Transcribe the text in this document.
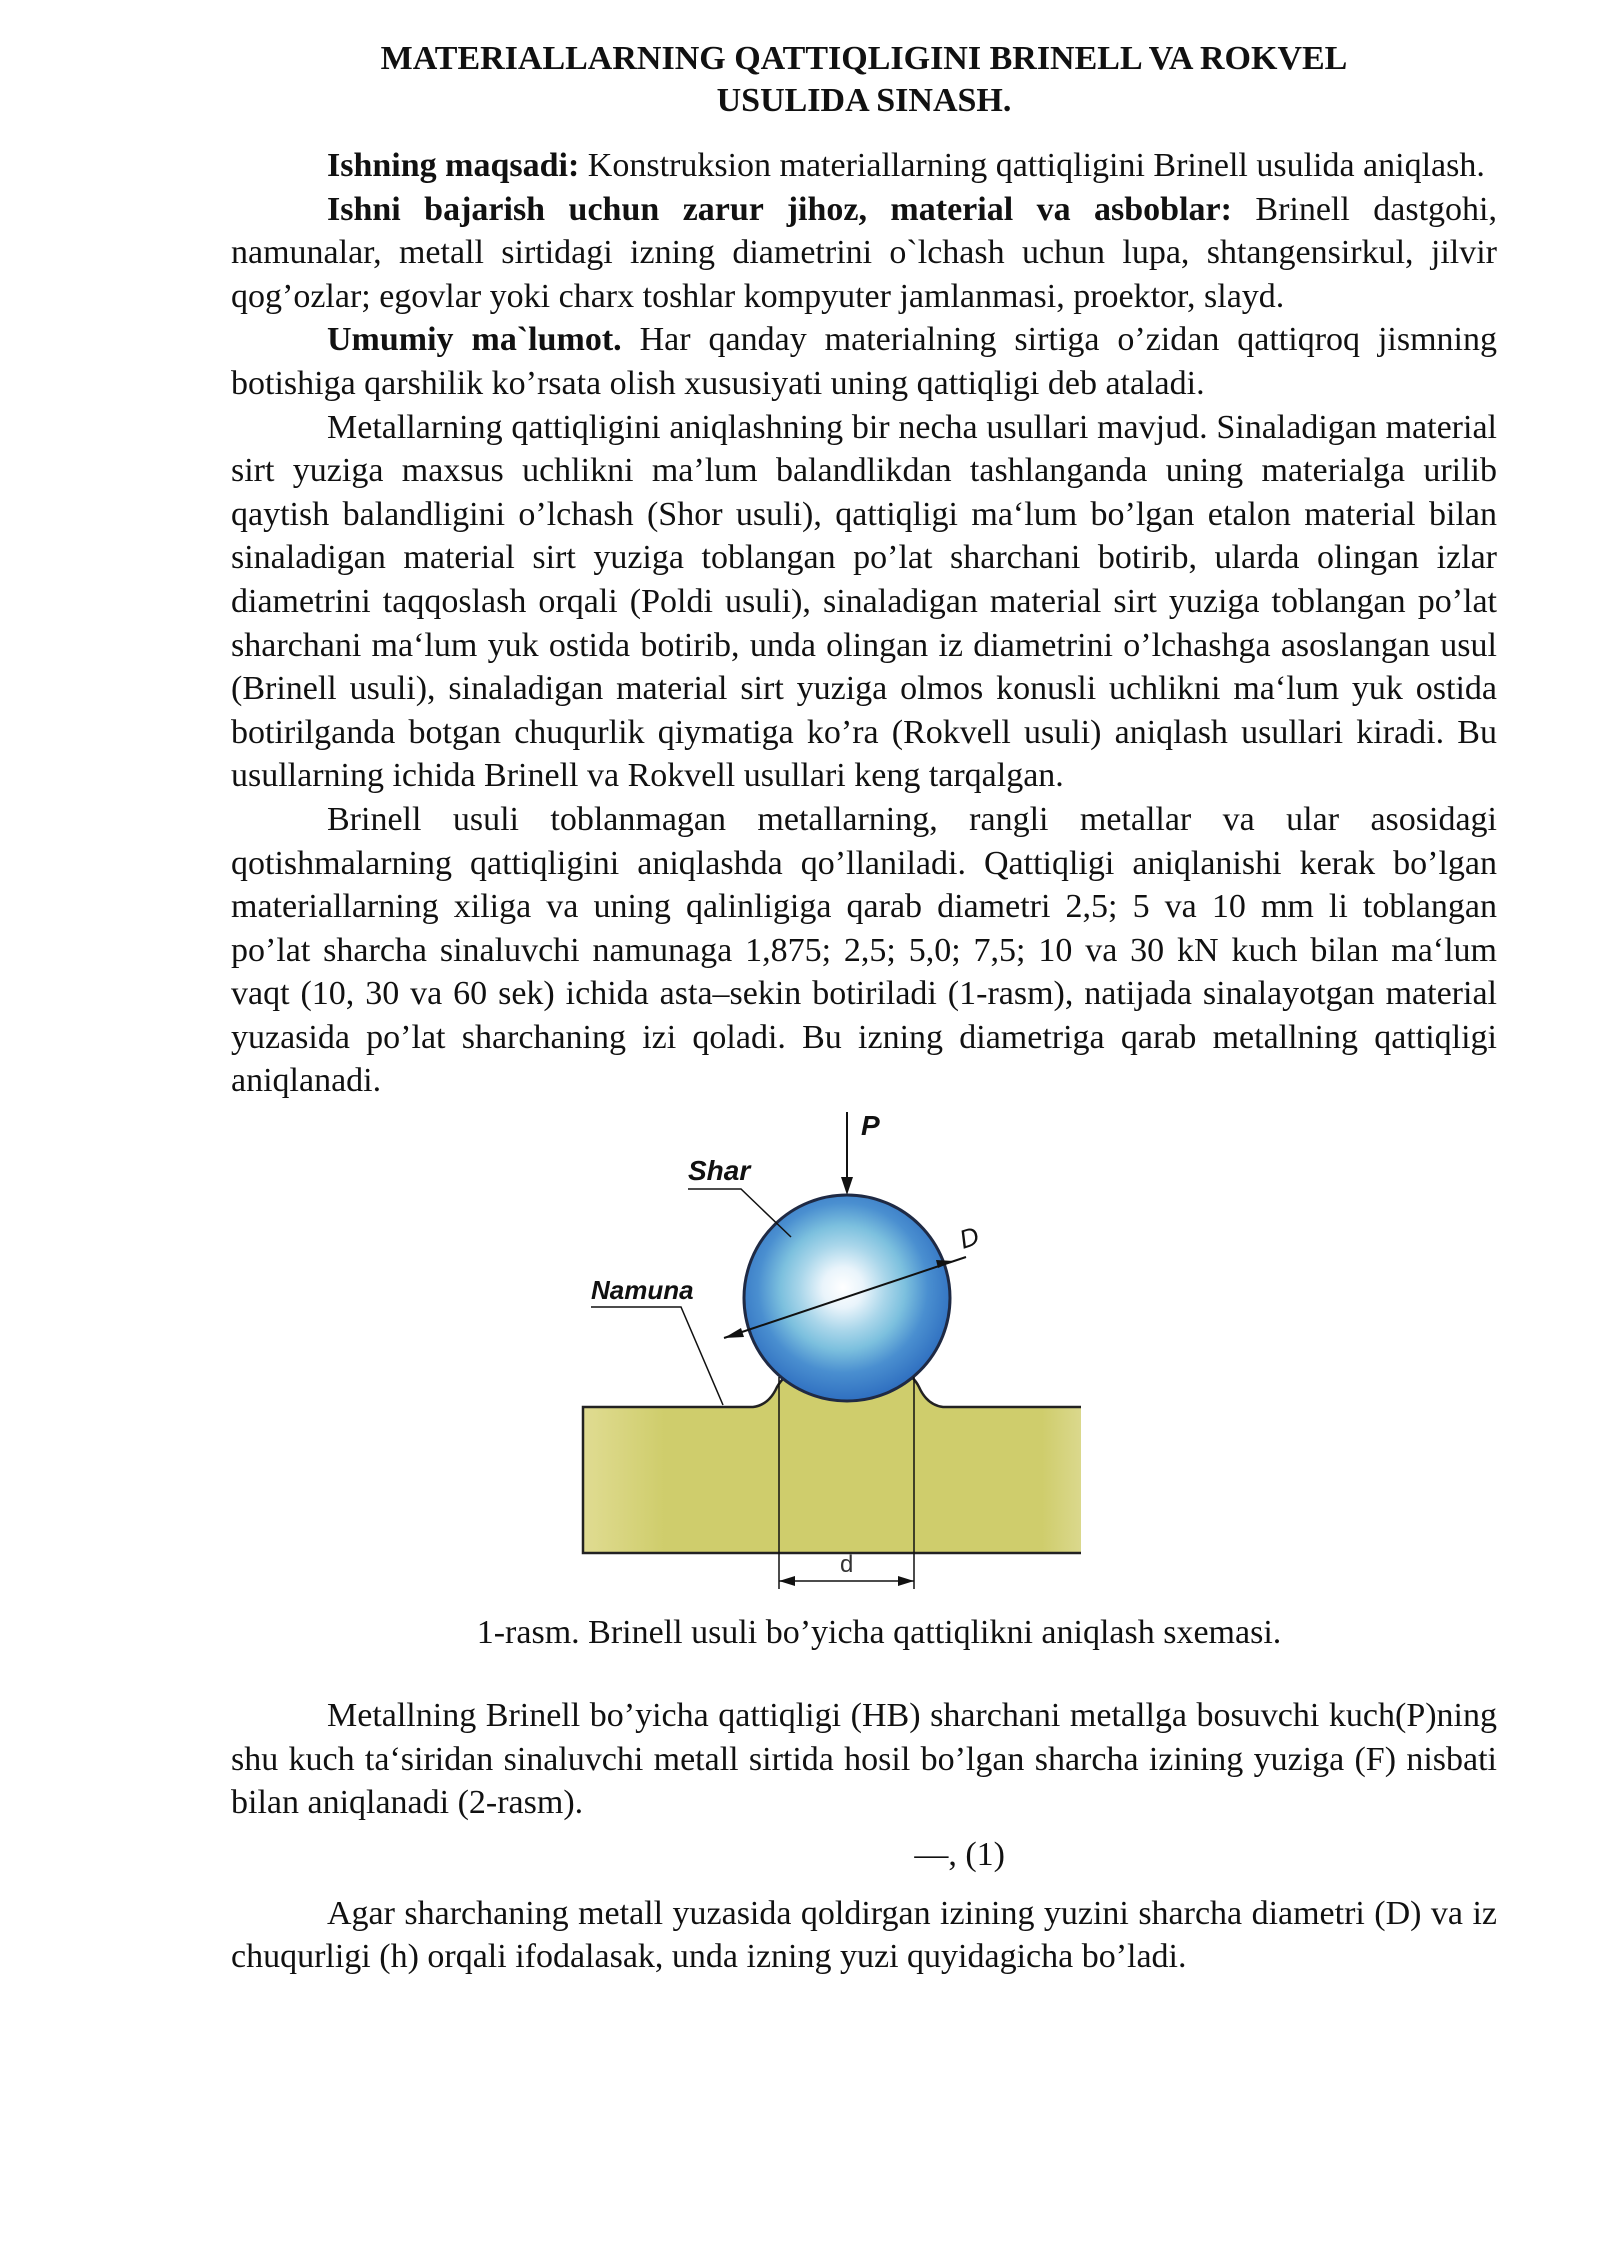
MATERIALLARNING QATTIQLIGINI BRINELL VA ROKVEL
USULIDA SINASH.

Ishning maqsadi: Konstruksion materiallarning qattiqligini Brinell usulida aniqlash.

Ishni bajarish uchun zarur jihoz, material va asboblar: Brinell dastgohi, namunalar, metall sirtidagi izning diametrini o`lchash uchun lupa, shtangensirkul, jilvir qog’ozlar; egovlar yoki charx toshlar kompyuter jamlanmasi, proektor, slayd.

Umumiy ma`lumot. Har qanday materialning sirtiga o’zidan qattiqroq jismning botishiga qarshilik ko’rsata olish xususiyati uning qattiqligi deb ataladi.

Metallarning qattiqligini aniqlashning bir necha usullari mavjud. Sinaladigan material sirt yuziga maxsus uchlikni ma’lum balandlikdan tashlanganda uning materialga urilib qaytish balandligini o’lchash (Shor usuli), qattiqligi ma‘lum bo’lgan etalon material bilan sinaladigan material sirt yuziga toblangan po’lat sharchani botirib, ularda olingan izlar diametrini taqqoslash orqali (Poldi usuli), sinaladigan material sirt yuziga toblangan po’lat sharchani ma‘lum yuk ostida botirib, unda olingan iz diametrini o’lchashga asoslangan usul (Brinell usuli), sinaladigan material sirt yuziga olmos konusli uchlikni ma‘lum yuk ostida botirilganda botgan chuqurlik qiymatiga ko’ra (Rokvell usuli) aniqlash usullari kiradi. Bu usullarning ichida Brinell va Rokvell usullari keng tarqalgan.

Brinell usuli toblanmagan metallarning, rangli metallar va ular asosidagi qotishmalarning qattiqligini aniqlashda qo’llaniladi. Qattiqligi aniqlanishi kerak bo’lgan materiallarning xiliga va uning qalinligiga qarab diametri 2,5; 5 va 10 mm li toblangan po’lat sharcha sinaluvchi namunaga 1,875; 2,5; 5,0; 7,5; 10 va 30 kN kuch bilan ma‘lum vaqt (10, 30 va 60 sek) ichida asta–sekin botiriladi (1-rasm), natijada sinalayotgan material yuzasida po’lat sharchaning izi qoladi. Bu izning diametriga qarab metallning qattiqligi aniqlanadi.

D
P
Shar
Namuna
d
1-rasm. Brinell usuli bo’yicha qattiqlikni aniqlash sxemasi.

Metallning Brinell bo’yicha qattiqligi (HB) sharchani metallga bosuvchi kuch(P)ning shu kuch ta‘siridan sinaluvchi metall sirtida hosil bo’lgan sharcha izining yuziga (F) nisbati bilan aniqlanadi (2-rasm).

—, (1)

Agar sharchaning metall yuzasida qoldirgan izining yuzini sharcha diametri (D) va iz chuqurligi (h) orqali ifodalasak, unda izning yuzi quyidagicha bo’ladi.
